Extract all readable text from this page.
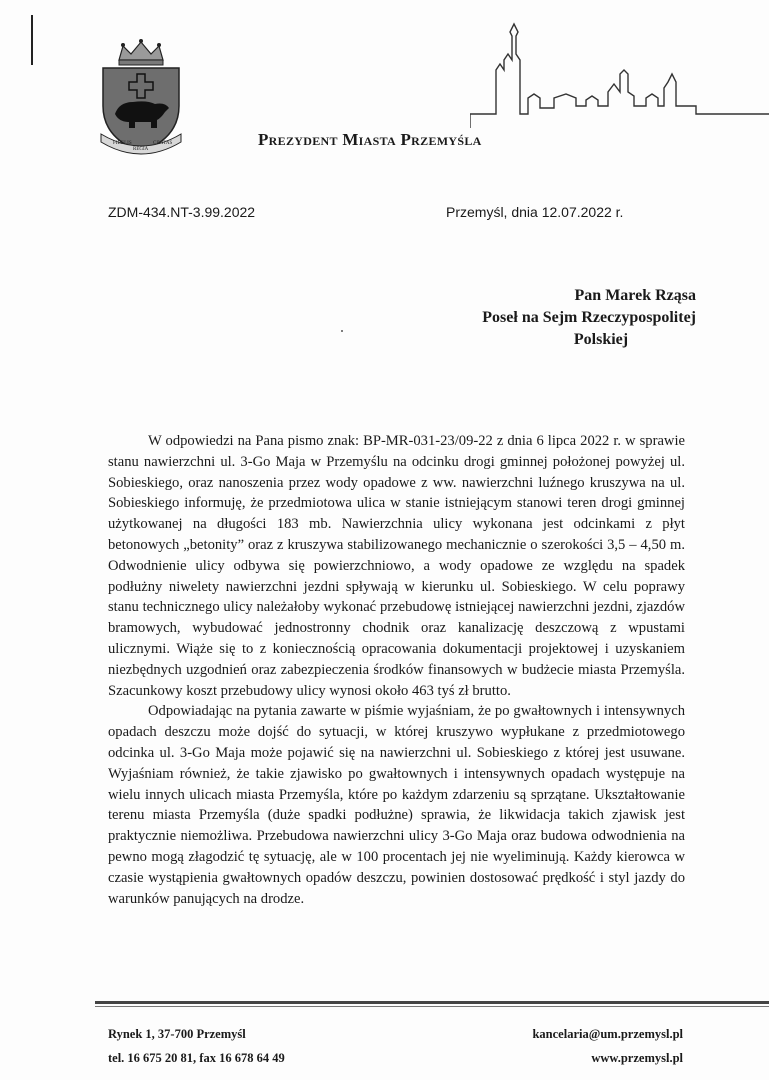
FIDELIS
REGIA
CIVITAS	Prezydent Miasta Przemyśla
ZDM-434.NT-3.99.2022	Przemyśl, dnia 12.07.2022 r.
Pan Marek Rząsa
Poseł na Sejm Rzeczypospolitej
Polskiej

W odpowiedzi na Pana pismo znak: BP-MR-031-23/09-22 z dnia 6 lipca 2022 r. w sprawie stanu nawierzchni ul. 3-Go Maja w Przemyślu na odcinku drogi gminnej położonej powyżej ul. Sobieskiego, oraz nanoszenia przez wody opadowe z ww. nawierzchni luźnego kruszywa na ul. Sobieskiego informuję, że przedmiotowa ulica w stanie istniejącym stanowi teren drogi gminnej użytkowanej na długości 183 mb. Nawierzchnia ulicy wykonana jest odcinkami z płyt betonowych „betonity” oraz z kruszywa stabilizowanego mechanicznie o szerokości 3,5 – 4,50 m. Odwodnienie ulicy odbywa się powierzchniowo, a wody opadowe ze względu na spadek podłużny niwelety nawierzchni jezdni spływają w kierunku ul. Sobieskiego. W celu poprawy stanu technicznego ulicy należałoby wykonać przebudowę istniejącej nawierzchni jezdni, zjazdów bramowych, wybudować jednostronny chodnik oraz kanalizację deszczową z wpustami ulicznymi. Wiąże się to z koniecznością opracowania dokumentacji projektowej i uzyskaniem niezbędnych uzgodnień oraz zabezpieczenia środków finansowych w budżecie miasta Przemyśla. Szacunkowy koszt przebudowy ulicy wynosi około 463 tyś zł brutto.

Odpowiadając na pytania zawarte w piśmie wyjaśniam, że po gwałtownych i intensywnych opadach deszczu może dojść do sytuacji, w której kruszywo wypłukane z przedmiotowego odcinka ul. 3-Go Maja może pojawić się na nawierzchni ul. Sobieskiego z której jest usuwane. Wyjaśniam również, że takie zjawisko po gwałtownych i intensywnych opadach występuje na wielu innych ulicach miasta Przemyśla, które po każdym zdarzeniu są sprzątane. Ukształtowanie terenu miasta Przemyśla (duże spadki podłużne) sprawia, że likwidacja takich zjawisk jest praktycznie niemożliwa. Przebudowa nawierzchni ulicy 3-Go Maja oraz budowa odwodnienia na pewno mogą złagodzić tę sytuację, ale w 100 procentach jej nie wyeliminują. Każdy kierowca w czasie wystąpienia gwałtownych opadów deszczu, powinien dostosować prędkość i styl jazdy do warunków panujących na drodze.

Rynek 1, 37-700 Przemyśl
tel. 16 675 20 81, fax 16 678 64 49
kancelaria@um.przemysl.pl
www.przemysl.pl
